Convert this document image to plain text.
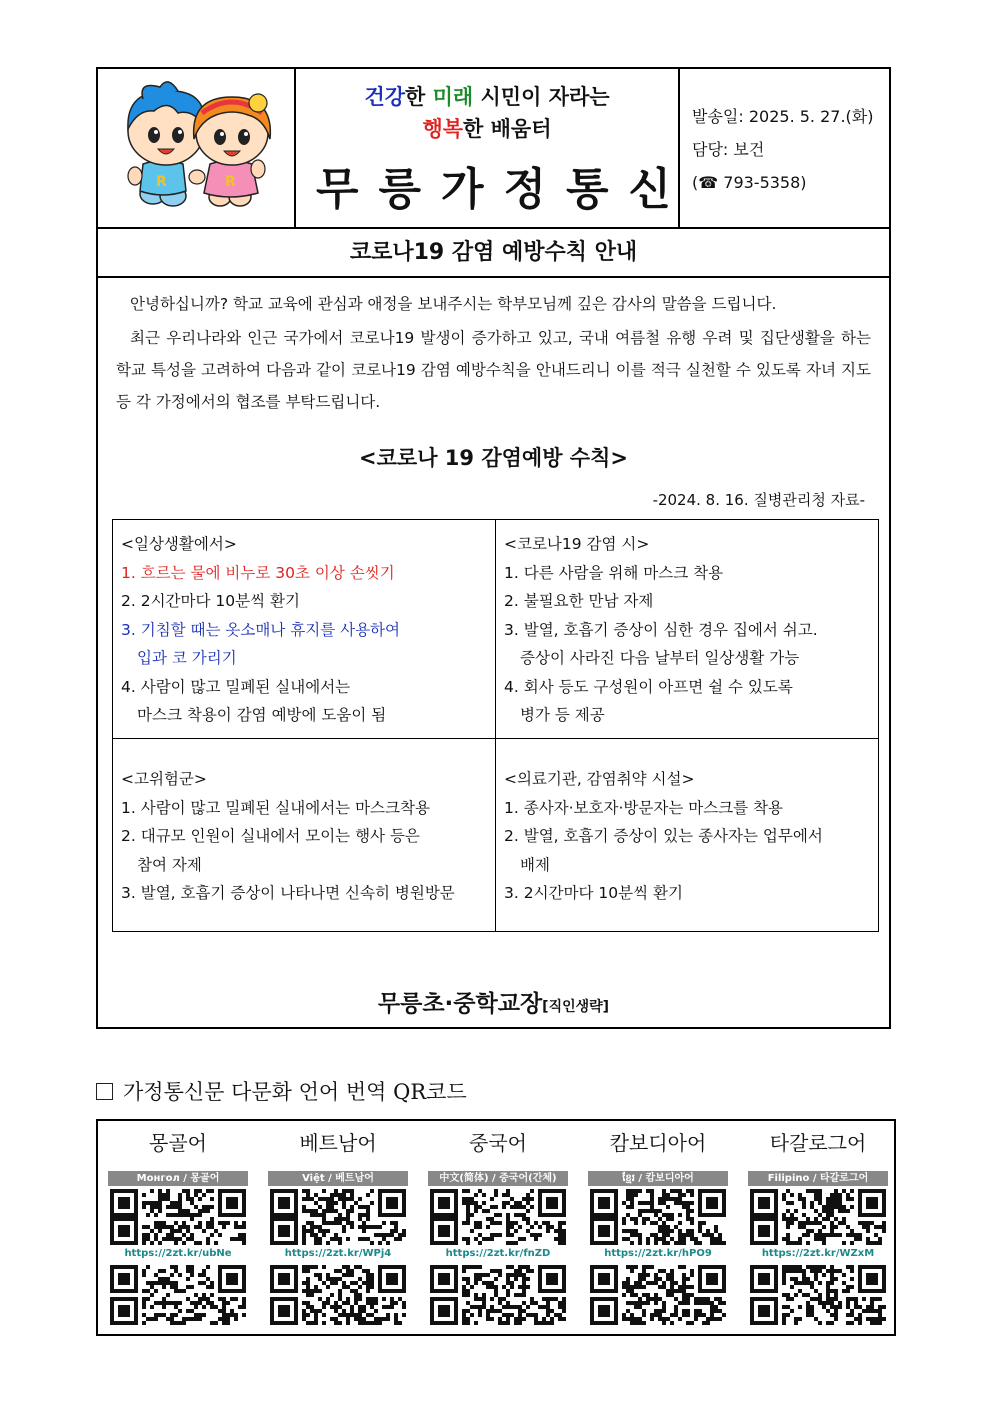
R	R
건강한 미래 시민이 자라는
행복한 배움터
무릉가정통신
발송일: 2025. 5. 27.(화)
담당: 보건
(☎ 793-5358)
코로나19 감염 예방수칙 안내

안녕하십니까? 학교 교육에 관심과 애정을 보내주시는 학부모님께 깊은 감사의 말씀을 드립니다.

최근 우리나라와 인근 국가에서 코로나19 발생이 증가하고 있고, 국내 여름철 유행 우려 및 집단생활을 하는 학교 특성을 고려하여 다음과 같이 코로나19 감염 예방수칙을 안내드리니 이를 적극 실천할 수 있도록 자녀 지도 등 각 가정에서의 협조를 부탁드립니다.

<코로나 19 감염예방 수칙>
-2024. 8. 16. 질병관리청 자료-
<일상생활에서>
1. 흐르는 물에 비누로 30초 이상 손씻기
2. 2시간마다 10분씩 환기
3. 기침할 때는 옷소매나 휴지를 사용하여
입과 코 가리기
4. 사람이 많고 밀폐된 실내에서는
마스크 착용이 감염 예방에 도움이 됨
<코로나19 감염 시>
1. 다른 사람을 위해 마스크 착용
2. 불필요한 만남 자제
3. 발열, 호흡기 증상이 심한 경우 집에서 쉬고.
증상이 사라진 다음 날부터 일상생활 가능
4. 회사 등도 구성원이 아프면 쉴 수 있도록
병가 등 제공
<고위험군>
1. 사람이 많고 밀폐된 실내에서는 마스크착용
2. 대규모 인원이 실내에서 모이는 행사 등은
참여 자제
3. 발열, 호흡기 증상이 나타나면 신속히 병원방문
<의료기관, 감염취약 시설>
1. 종사자·보호자·방문자는 마스크를 착용
2. 발열, 호흡기 증상이 있는 종사자는 업무에서
배제
3. 2시간마다 10분씩 환기
무릉초·중학교장[직인생략]
가정통신문 다문화 언어 번역 QR코드
몽골어
Монгол / 몽골어
https://2zt.kr/ubNe
베트남어
Việt / 베트남어
https://2zt.kr/WPj4
중국어
中文(简体) / 중국어(간체)
https://2zt.kr/fnZD
캄보디아어
ខ្មែរ / 캄보디아어
https://2zt.kr/hPO9
타갈로그어
Filipino / 타갈로그어
https://2zt.kr/WZxM
